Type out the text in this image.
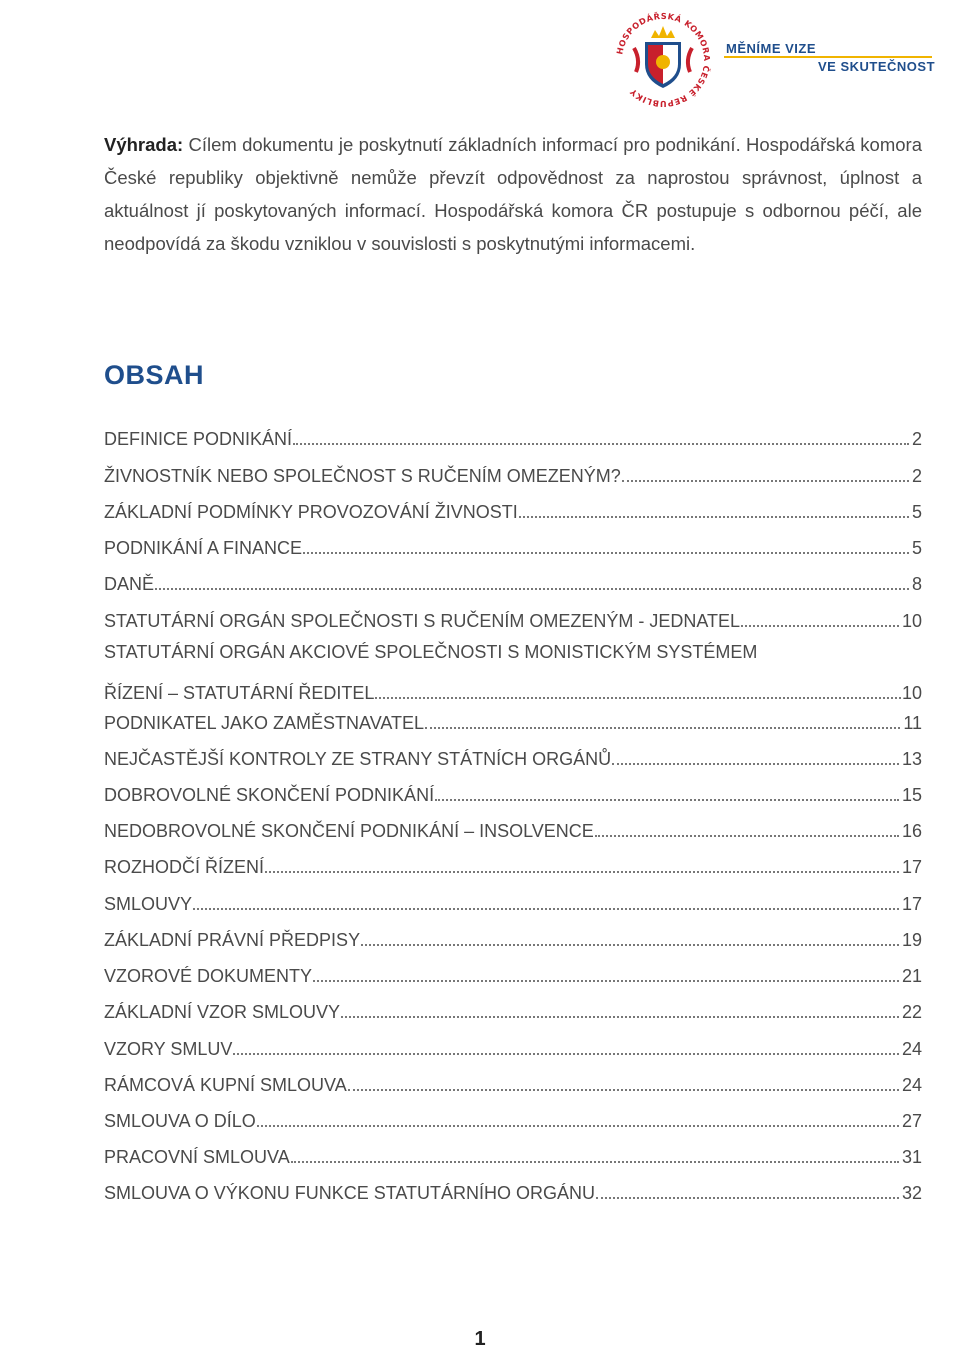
HOSPODÁŘSKÁ KOMORA ČESKÉ REPUBLIKY
MĚNÍME VIZE
VE SKUTEČNOST
Výhrada: Cílem dokumentu je poskytnutí základních informací pro podnikání. Hospodářská komora České republiky objektivně nemůže převzít odpovědnost za naprostou správnost, úplnost a aktuálnost jí poskytovaných informací. Hospodářská komora ČR postupuje s odbornou péčí, ale neodpovídá za škodu vzniklou v souvislosti s poskytnutými informacemi.
OBSAH
DEFINICE PODNIKÁNÍ	2
ŽIVNOSTNÍK NEBO SPOLEČNOST S RUČENÍM OMEZENÝM?	2
ZÁKLADNÍ PODMÍNKY PROVOZOVÁNÍ ŽIVNOSTI	5
PODNIKÁNÍ A FINANCE	5
DANĚ	8
STATUTÁRNÍ ORGÁN SPOLEČNOSTI S RUČENÍM OMEZENÝM - JEDNATEL	10
STATUTÁRNÍ ORGÁN AKCIOVÉ SPOLEČNOSTI S MONISTICKÝM SYSTÉMEM
ŘÍZENÍ – STATUTÁRNÍ ŘEDITEL	10
PODNIKATEL JAKO ZAMĚSTNAVATEL	11
NEJČASTĚJŠÍ KONTROLY ZE STRANY STÁTNÍCH ORGÁNŮ	13
DOBROVOLNÉ SKONČENÍ PODNIKÁNÍ	15
NEDOBROVOLNÉ SKONČENÍ PODNIKÁNÍ – INSOLVENCE	16
ROZHODČÍ ŘÍZENÍ	17
SMLOUVY	17
ZÁKLADNÍ PRÁVNÍ PŘEDPISY	19
VZOROVÉ DOKUMENTY	21
ZÁKLADNÍ VZOR SMLOUVY	22
VZORY SMLUV	24
RÁMCOVÁ KUPNÍ SMLOUVA	24
SMLOUVA O DÍLO	27
PRACOVNÍ SMLOUVA	31
SMLOUVA O VÝKONU FUNKCE STATUTÁRNÍHO ORGÁNU	32
1
